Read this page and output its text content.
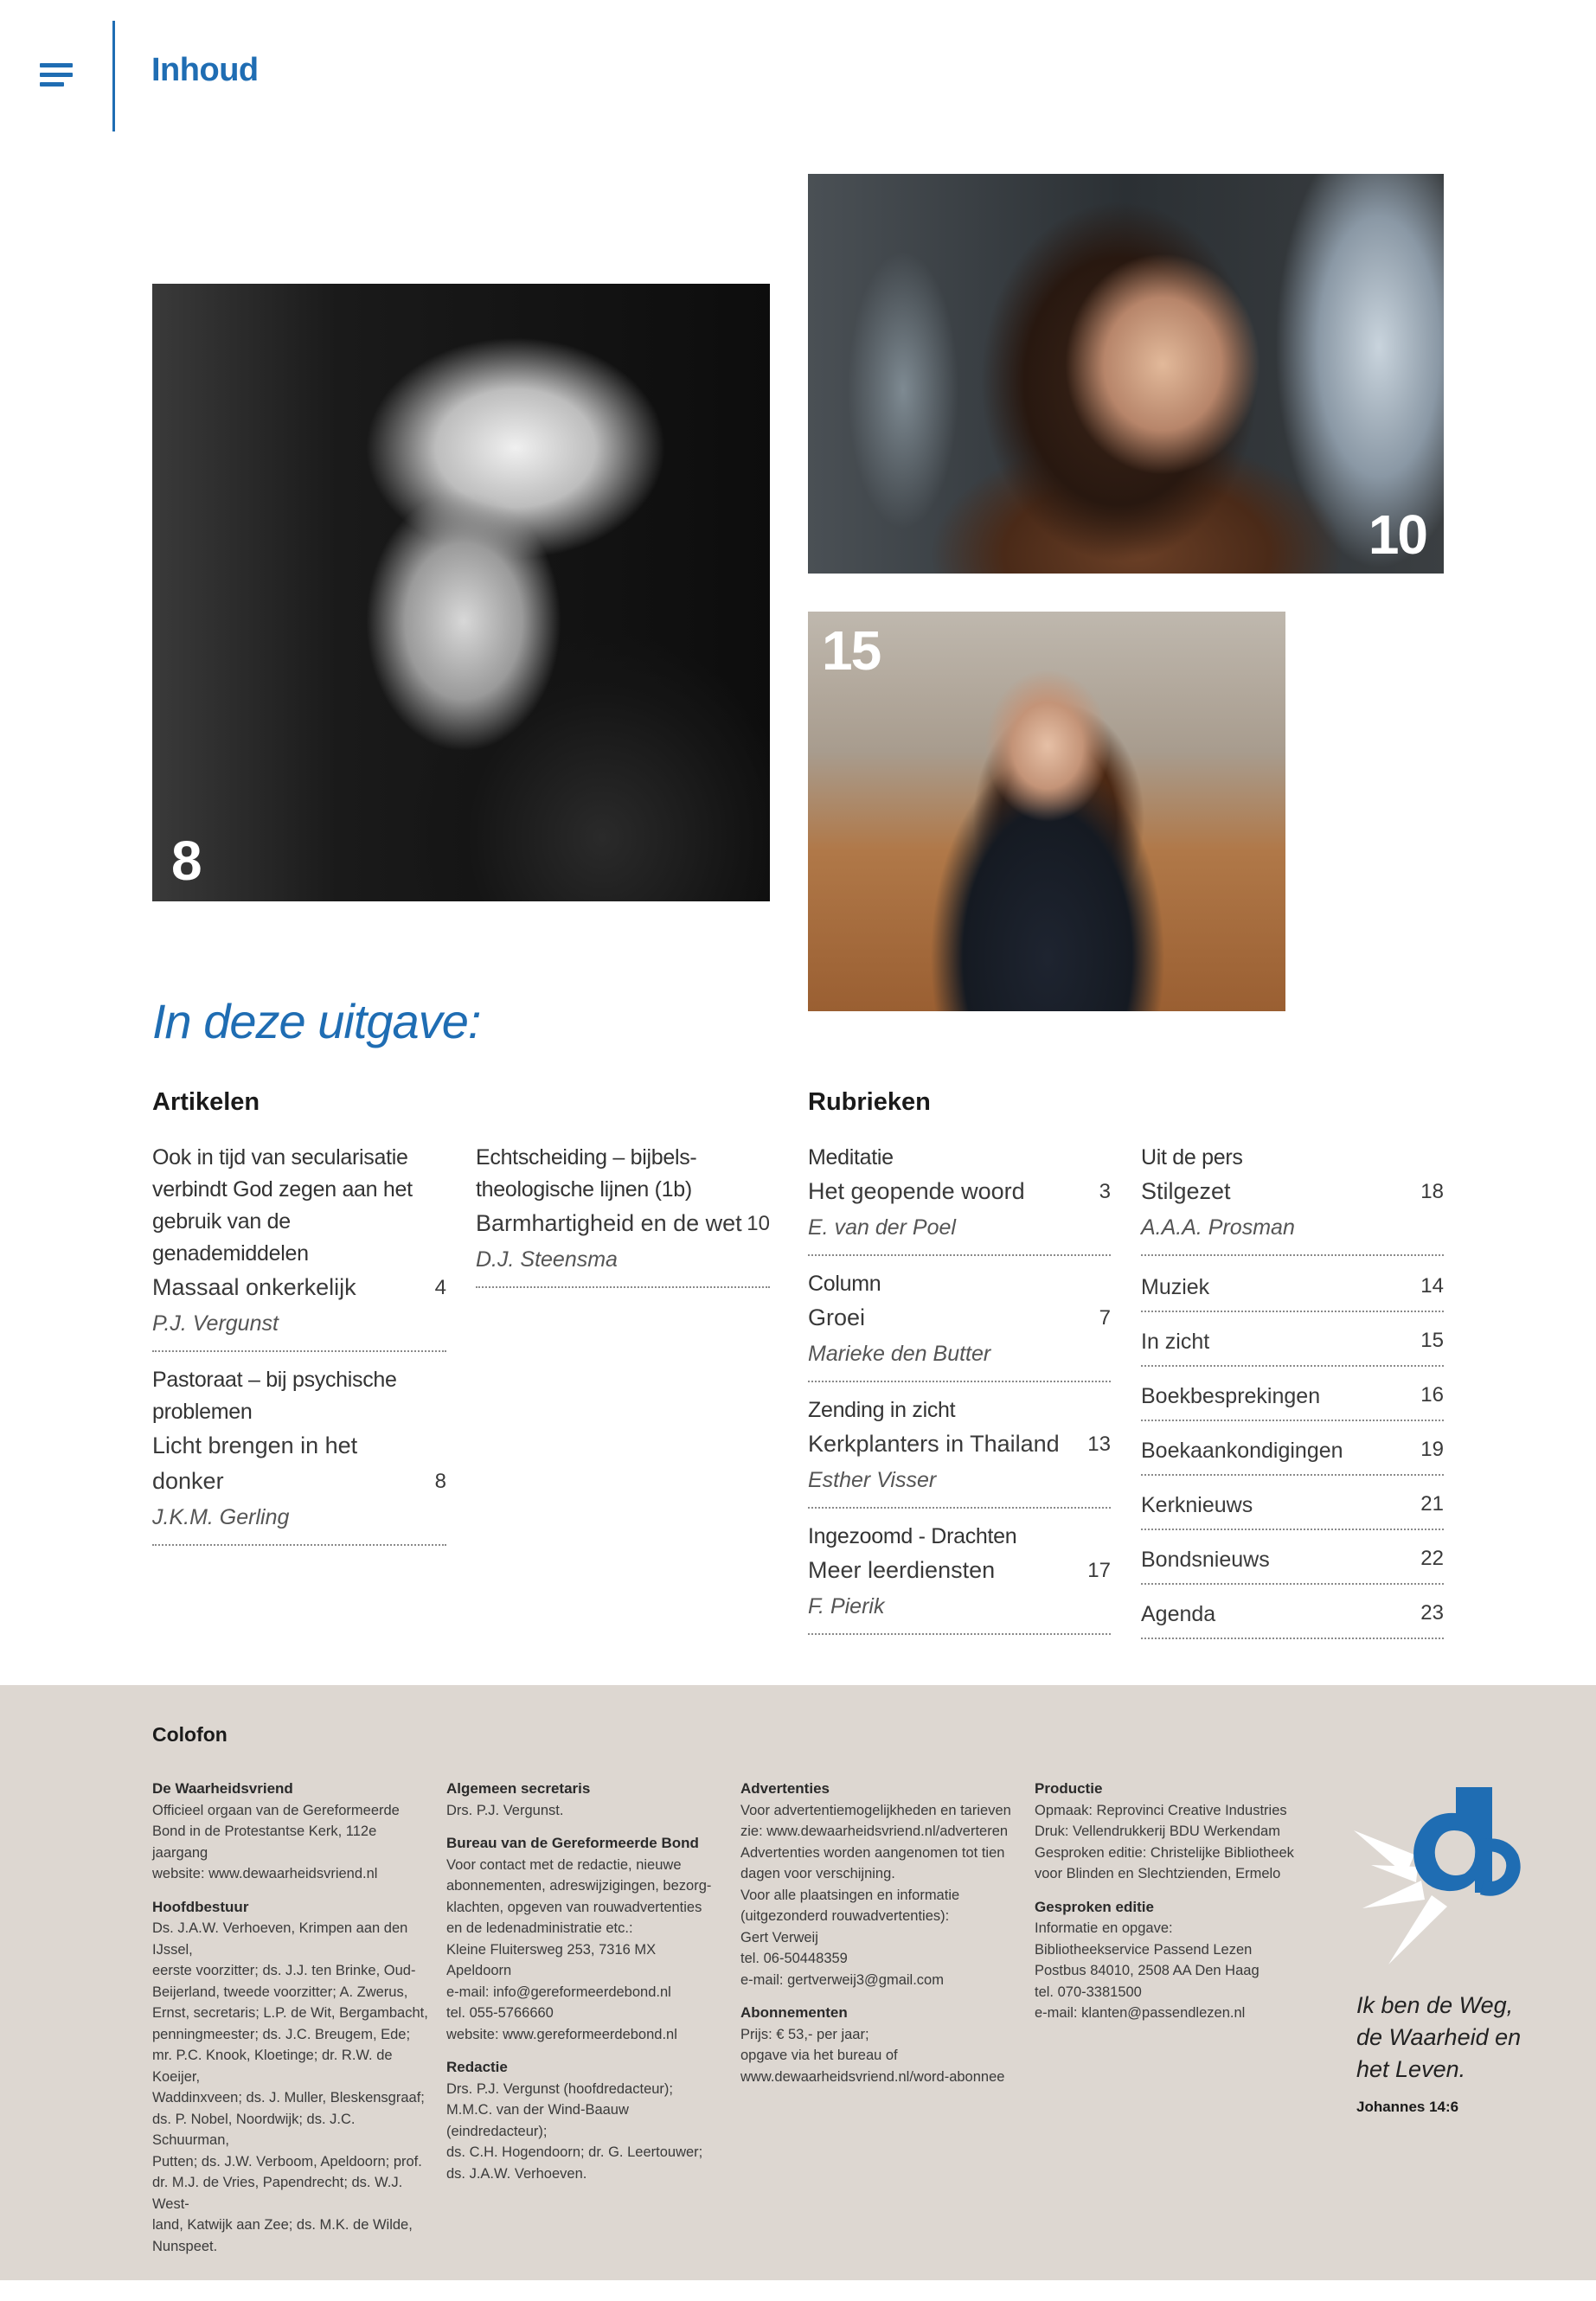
Inhoud
8
10
15
In deze uitgave:
Artikelen	Rubrieken
Ook in tijd van secularisatie verbindt God zegen aan het gebruik van de genademiddelen
Massaal onkerkelijk	4
P.J. Vergunst
Pastoraat – bij psychische problemen
Licht brengen in het donker	8
J.K.M. Gerling
Echtscheiding – bijbels-theologische lijnen (1b)
Barmhartigheid en de wet 10
D.J. Steensma
Meditatie
Het geopende woord	3
E. van der Poel
Column
Groei	7
Marieke den Butter
Zending in zicht
Kerkplanters in Thailand 13
Esther Visser
Ingezoomd - Drachten
Meer leerdiensten	17
F. Pierik
Uit de pers
Stilgezet	18
A.A.A. Prosman
Muziek	14
In zicht	15
Boekbesprekingen	16
Boekaankondigingen	19
Kerknieuws	21
Bondsnieuws	22
Agenda	23
Colofon
De Waarheidsvriend

Officieel orgaan van de Gereformeerde
Bond in de Protestantse Kerk, 112e jaargang
website: www.dewaarheidsvriend.nl

Hoofdbestuur

Ds. J.A.W. Verhoeven, Krimpen aan den IJssel,
eerste voorzitter; ds. J.J. ten Brinke, Oud-
Beijerland, tweede voorzitter; A. Zwerus,
Ernst, secretaris; L.P. de Wit, Bergambacht,
penningmeester; ds. J.C. Breugem, Ede;
mr. P.C. Knook, Kloetinge; dr. R.W. de Koeijer,
Waddinxveen; ds. J. Muller, Bleskensgraaf;
ds. P. Nobel, Noordwijk; ds. J.C. Schuurman,
Putten; ds. J.W. Verboom, Apeldoorn; prof.
dr. M.J. de Vries, Papendrecht; ds. W.J. West-
land, Katwijk aan Zee; ds. M.K. de Wilde,
Nunspeet.

Algemeen secretaris

Drs. P.J. Vergunst.

Bureau van de Gereformeerde Bond

Voor contact met de redactie, nieuwe
abonnementen, adreswijzigingen, bezorg-
klachten, opgeven van rouwadvertenties
en de ledenadministratie etc.:
Kleine Fluitersweg 253, 7316 MX Apeldoorn
e-mail: info@gereformeerdebond.nl
tel. 055-5766660
website: www.gereformeerdebond.nl

Redactie

Drs. P.J. Vergunst (hoofdredacteur);
M.M.C. van der Wind-Baauw (eindredacteur);
ds. C.H. Hogendoorn; dr. G. Leertouwer;
ds. J.A.W. Verhoeven.

Advertenties

Voor advertentiemogelijkheden en tarieven
zie: www.dewaarheidsvriend.nl/adverteren
Advertenties worden aangenomen tot tien
dagen voor verschijning.
Voor alle plaatsingen en informatie
(uitgezonderd rouwadvertenties):
Gert Verweij
tel. 06-50448359
e-mail: gertverweij3@gmail.com

Abonnementen

Prijs: € 53,- per jaar;
opgave via het bureau of
www.dewaarheidsvriend.nl/word-abonnee

Productie

Opmaak: Reprovinci Creative Industries
Druk: Vellendrukkerij BDU Werkendam
Gesproken editie: Christelijke Bibliotheek
voor Blinden en Slechtzienden, Ermelo

Gesproken editie

Informatie en opgave:
Bibliotheekservice Passend Lezen
Postbus 84010, 2508 AA Den Haag
tel. 070-3381500
e-mail: klanten@passendlezen.nl	Ik ben de Weg,
de Waarheid en
het Leven.
Johannes 14:6
